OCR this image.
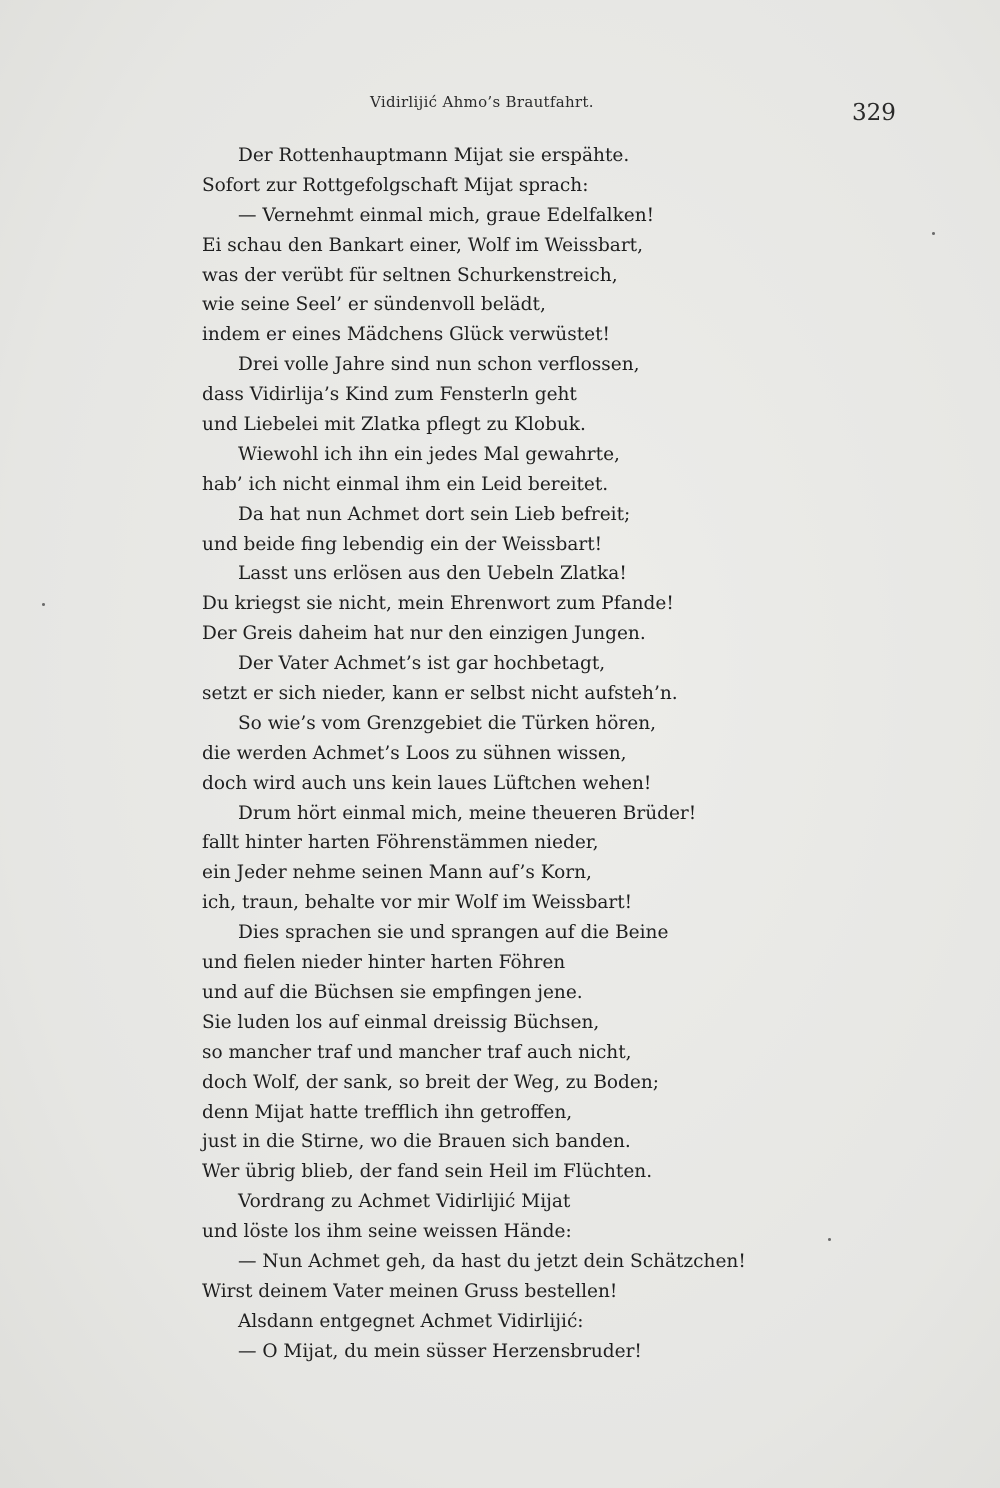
Vidirlijić Ahmo’s Brautfahrt.	329
Der Rottenhauptmann Mijat sie erspähte.
Sofort zur Rottgefolgschaft Mijat sprach:
— Vernehmt einmal mich, graue Edelfalken!
Ei schau den Bankart einer, Wolf im Weissbart,
was der verübt für seltnen Schurkenstreich,
wie seine Seel’ er sündenvoll belädt,
indem er eines Mädchens Glück verwüstet!
Drei volle Jahre sind nun schon verflossen,
dass Vidirlija’s Kind zum Fensterln geht
und Liebelei mit Zlatka pflegt zu Klobuk.
Wiewohl ich ihn ein jedes Mal gewahrte,
hab’ ich nicht einmal ihm ein Leid bereitet.
Da hat nun Achmet dort sein Lieb befreit;
und beide fing lebendig ein der Weissbart!
Lasst uns erlösen aus den Uebeln Zlatka!
Du kriegst sie nicht, mein Ehrenwort zum Pfande!
Der Greis daheim hat nur den einzigen Jungen.
Der Vater Achmet’s ist gar hochbetagt,
setzt er sich nieder, kann er selbst nicht aufsteh’n.
So wie’s vom Grenzgebiet die Türken hören,
die werden Achmet’s Loos zu sühnen wissen,
doch wird auch uns kein laues Lüftchen wehen!
Drum hört einmal mich, meine theueren Brüder!
fallt hinter harten Föhrenstämmen nieder,
ein Jeder nehme seinen Mann auf’s Korn,
ich, traun, behalte vor mir Wolf im Weissbart!
Dies sprachen sie und sprangen auf die Beine
und fielen nieder hinter harten Föhren
und auf die Büchsen sie empfingen jene.
Sie luden los auf einmal dreissig Büchsen,
so mancher traf und mancher traf auch nicht,
doch Wolf, der sank, so breit der Weg, zu Boden;
denn Mijat hatte trefflich ihn getroffen,
just in die Stirne, wo die Brauen sich banden.
Wer übrig blieb, der fand sein Heil im Flüchten.
Vordrang zu Achmet Vidirlijić Mijat
und löste los ihm seine weissen Hände:
— Nun Achmet geh, da hast du jetzt dein Schätzchen!
Wirst deinem Vater meinen Gruss bestellen!
Alsdann entgegnet Achmet Vidirlijić:
— O Mijat, du mein süsser Herzensbruder!
